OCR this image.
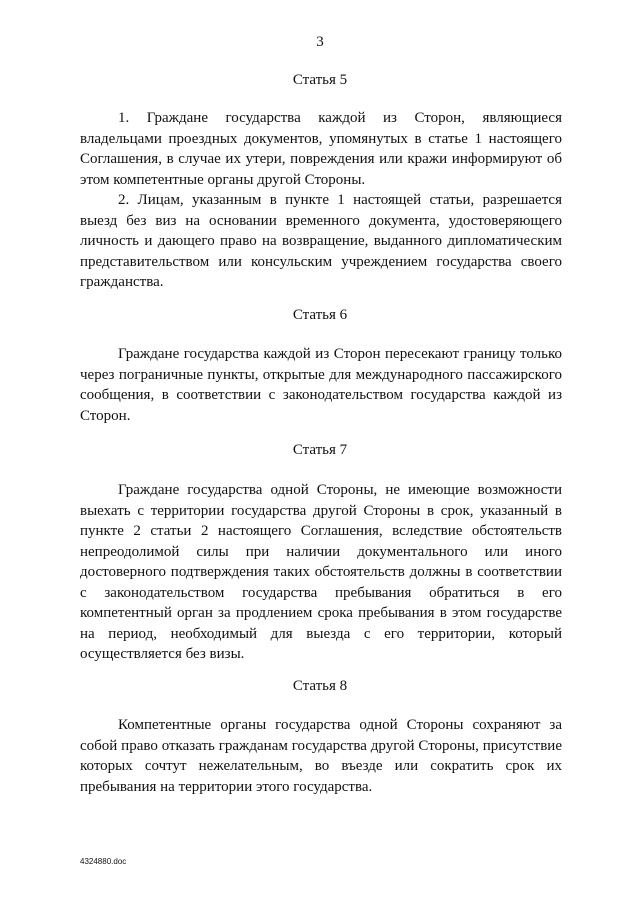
3
Статья 5

1. Граждане государства каждой из Сторон, являющиеся владельцами проездных документов, упомянутых в статье 1 настоящего Соглашения, в случае их утери, повреждения или кражи информируют об этом компетентные органы другой Стороны.

2. Лицам, указанным в пункте 1 настоящей статьи, разрешается выезд без виз на основании временного документа, удостоверяющего личность и дающего право на возвращение, выданного дипломатическим представительством или консульским учреждением государства своего гражданства.

Статья 6

Граждане государства каждой из Сторон пересекают границу только через пограничные пункты, открытые для международного пассажирского сообщения, в соответствии с законодательством государства каждой из Сторон.

Статья 7

Граждане государства одной Стороны, не имеющие возможности выехать с территории государства другой Стороны в срок, указанный в пункте 2 статьи 2 настоящего Соглашения, вследствие обстоятельств непреодолимой силы при наличии документального или иного достоверного подтверждения таких обстоятельств должны в соответствии с законодательством государства пребывания обратиться в его компетентный орган за продлением срока пребывания в этом государстве на период, необходимый для выезда с его территории, который осуществляется без визы.

Статья 8

Компетентные органы государства одной Стороны сохраняют за собой право отказать гражданам государства другой Стороны, присутствие которых сочтут нежелательным, во въезде или сократить срок их пребывания на территории этого государства.

4324880.doc
